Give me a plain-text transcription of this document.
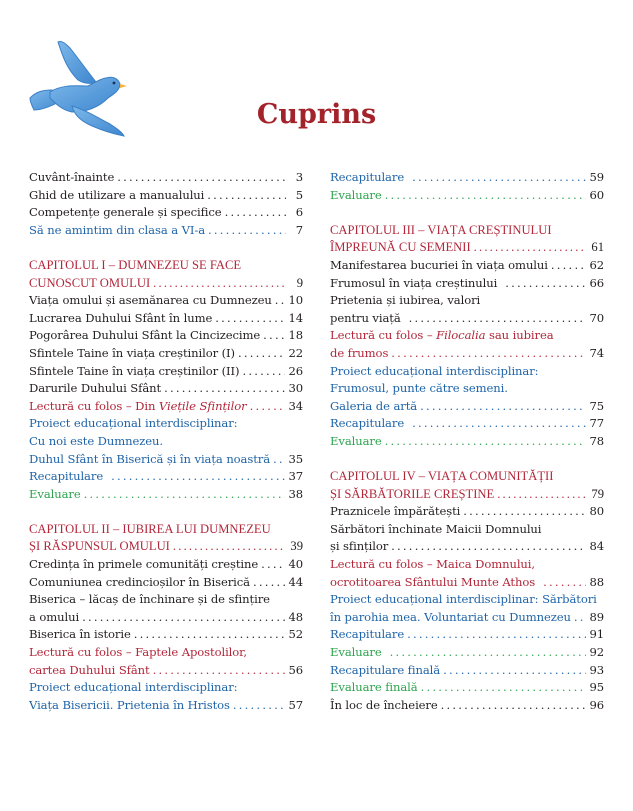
Cuprins
Cuvânt-înainte .....	3
Ghid de utilizare a manualului .....	5
Competențe generale și specifice .....	6
Să ne amintim din clasa a VI-a .....	7
CAPITOLUL I – DUMNEZEU SE FACE
CUNOSCUT OMULUI .....	9
Viața omului și asemănarea cu Dumnezeu ..... 10
Lucrarea Duhului Sfânt în lume .....	14
Pogorârea Duhului Sfânt la Cincizecime ..... 18
Sfintele Taine în viața creștinilor (I) .....	22
Sfintele Taine în viața creștinilor (II) .....	26
Darurile Duhului Sfânt .....	30
Lectură cu folos – Din Viețile Sfinților .....	34
Proiect educațional interdisciplinar:
Cu noi este Dumnezeu.
Duhul Sfânt în Biserică și în viața noastră ..... 35
Recapitulare .....	37
Evaluare .....	38
CAPITOLUL II – IUBIREA LUI DUMNEZEU
ȘI RĂSPUNSUL OMULUI .....	39
Credința în primele comunități creștine .....	40
Comuniunea credincioșilor în Biserică .....	44
Biserica – lăcaș de închinare și de sfințire
a omului .....	48
Biserica în istorie .....	52
Lectură cu folos – Faptele Apostolilor,
cartea Duhului Sfânt .....	56
Proiect educațional interdisciplinar:
Viața Bisericii. Prietenia în Hristos .....	57
Recapitulare .....	59
Evaluare .....	60
CAPITOLUL III – VIAȚA CREȘTINULUI
ÎMPREUNĂ CU SEMENII .....	61
Manifestarea bucuriei în viața omului .....	62
Frumosul în viața creștinului .....	66
Prietenia și iubirea, valori
pentru viață .....	70
Lectură cu folos – Filocalia sau iubirea
de frumos .....	74
Proiect educațional interdisciplinar:
Frumosul, punte către semeni.
Galeria de artă .....	75
Recapitulare .....	77
Evaluare .....	78
CAPITOLUL IV – VIAȚA COMUNITĂȚII
ȘI SĂRBĂTORILE CREȘTINE .....	79
Praznicele împărătești .....	80
Sărbători închinate Maicii Domnului
și sfinților .....	84
Lectură cu folos – Maica Domnului,
ocrotitoarea Sfântului Munte Athos .....	88
Proiect educațional interdisciplinar: Sărbători
în parohia mea. Voluntariat cu Dumnezeu ..... 89
Recapitulare .....	91
Evaluare .....	92
Recapitulare finală .....	93
Evaluare finală .....	95
În loc de încheiere .....	96
